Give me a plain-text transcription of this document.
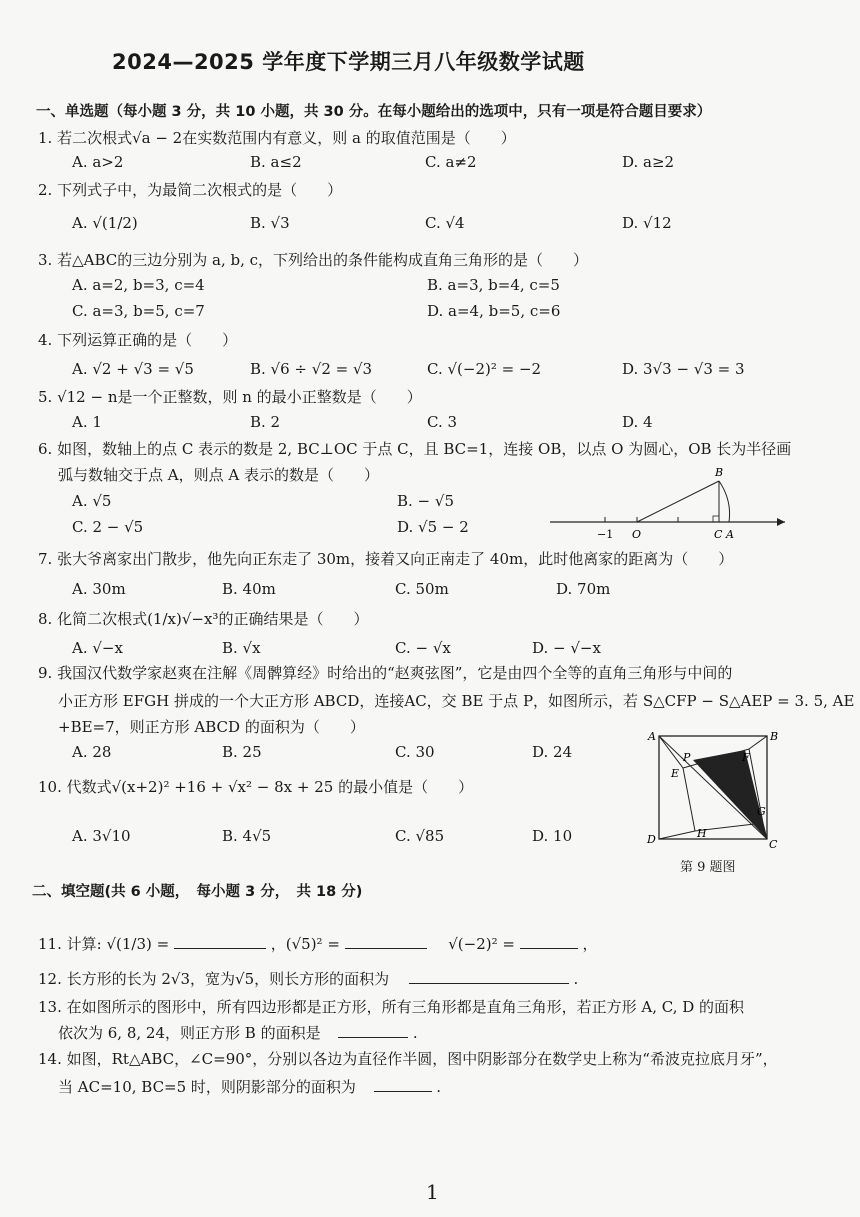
2024—2025 学年度下学期三月八年级数学试题
一、单选题（每小题 3 分，共 10 小题，共 30 分。在每小题给出的选项中，只有一项是符合题目要求）
1. 若二次根式√a − 2在实数范围内有意义，则 a 的取值范围是（　　）
A. a>2	B. a≤2	C. a≠2	D. a≥2
2. 下列式子中，为最简二次根式的是（　　）
A. √(1/2)	B. √3	C. √4	D. √12
3. 若△ABC的三边分别为 a, b, c，下列给出的条件能构成直角三角形的是（　　）
A. a=2, b=3, c=4	B. a=3, b=4, c=5
C. a=3, b=5, c=7	D. a=4, b=5, c=6
4. 下列运算正确的是（　　）
A. √2 + √3 = √5	B. √6 ÷ √2 = √3	C. √(−2)² = −2	D. 3√3 − √3 = 3
5. √12 − n是一个正整数，则 n 的最小正整数是（　　）
A. 1	B. 2	C. 3	D. 4
6. 如图，数轴上的点 C 表示的数是 2, BC⊥OC 于点 C，且 BC=1，连接 OB，以点 O 为圆心，OB 长为半径画
弧与数轴交于点 A，则点 A 表示的数是（　　）
A. √5	B. − √5
C. 2 − √5	D. √5 − 2	−1 O	C A
B
7. 张大爷离家出门散步，他先向正东走了 30m，接着又向正南走了 40m，此时他离家的距离为（　　）
A. 30m	B. 40m	C. 50m	D. 70m
8. 化简二次根式(1/x)√−x³的正确结果是（　　）
A. √−x	B. √x	C. − √x	D. − √−x
9. 我国汉代数学家赵爽在注解《周髀算经》时给出的“赵爽弦图”，它是由四个全等的直角三角形与中间的
小正方形 EFGH 拼成的一个大正方形 ABCD，连接AC，交 BE 于点 P，如图所示，若 S△CFP − S△AEP = 3. 5, AE
+BE=7，则正方形 ABCD 的面积为（　　）
A. 28	B. 25	C. 30	D. 24
A	B
C
D
E
F
G
H
P
第 9 题图
10. 代数式√(x+2)² +16 + √x² − 8x + 25 的最小值是（　　）
A. 3√10	B. 4√5	C. √85	D. 10
二、填空题(共 6 小题，　每小题 3 分，　共 18 分)
11. 计算: √(1/3) =	，(√5)² =	√(−2)² =	，
12. 长方形的长为 2√3，宽为√5，则长方形的面积为	.
13. 在如图所示的图形中，所有四边形都是正方形，所有三角形都是直角三角形，若正方形 A, C, D 的面积
依次为 6, 8, 24，则正方形 B 的面积是	.
14. 如图，Rt△ABC，∠C=90°，分别以各边为直径作半圆，图中阴影部分在数学史上称为“希波克拉底月牙”，
当 AC=10, BC=5 时，则阴影部分的面积为	.
1
